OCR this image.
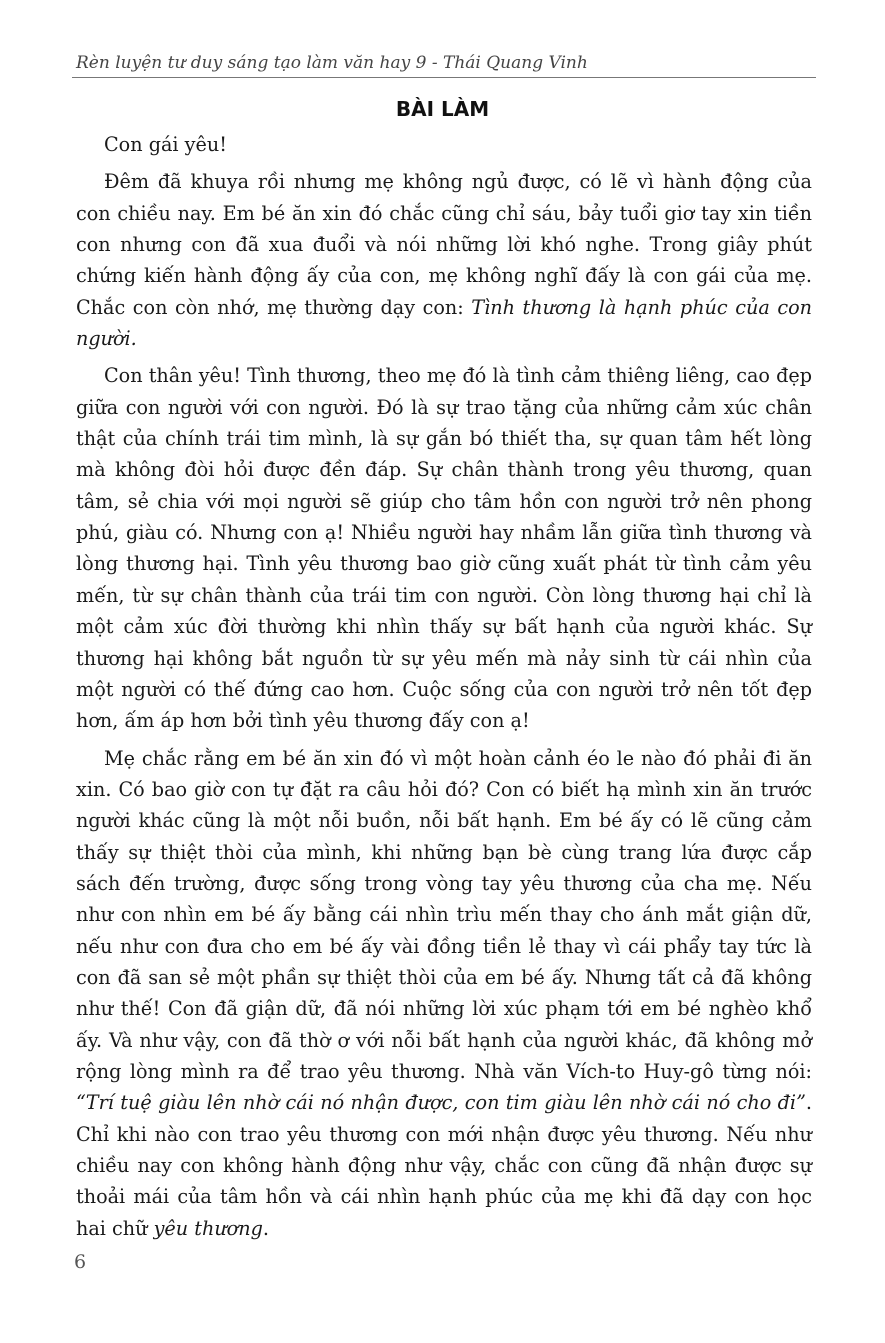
Rèn luyện tư duy sáng tạo làm văn hay 9 - Thái Quang Vinh
BÀI LÀM

Con gái yêu!

Đêm đã khuya rồi nhưng mẹ không ngủ được, có lẽ vì hành động của con chiều nay. Em bé ăn xin đó chắc cũng chỉ sáu, bảy tuổi giơ tay xin tiền con nhưng con đã xua đuổi và nói những lời khó nghe. Trong giây phút chứng kiến hành động ấy của con, mẹ không nghĩ đấy là con gái của mẹ. Chắc con còn nhớ, mẹ thường dạy con: Tình thương là hạnh phúc của con người.

Con thân yêu! Tình thương, theo mẹ đó là tình cảm thiêng liêng, cao đẹp giữa con người với con người. Đó là sự trao tặng của những cảm xúc chân thật của chính trái tim mình, là sự gắn bó thiết tha, sự quan tâm hết lòng mà không đòi hỏi được đền đáp. Sự chân thành trong yêu thương, quan tâm, sẻ chia với mọi người sẽ giúp cho tâm hồn con người trở nên phong phú, giàu có. Nhưng con ạ! Nhiều người hay nhầm lẫn giữa tình thương và lòng thương hại. Tình yêu thương bao giờ cũng xuất phát từ tình cảm yêu mến, từ sự chân thành của trái tim con người. Còn lòng thương hại chỉ là một cảm xúc đời thường khi nhìn thấy sự bất hạnh của người khác. Sự thương hại không bắt nguồn từ sự yêu mến mà nảy sinh từ cái nhìn của một người có thế đứng cao hơn. Cuộc sống của con người trở nên tốt đẹp hơn, ấm áp hơn bởi tình yêu thương đấy con ạ!

Mẹ chắc rằng em bé ăn xin đó vì một hoàn cảnh éo le nào đó phải đi ăn xin. Có bao giờ con tự đặt ra câu hỏi đó? Con có biết hạ mình xin ăn trước người khác cũng là một nỗi buồn, nỗi bất hạnh. Em bé ấy có lẽ cũng cảm thấy sự thiệt thòi của mình, khi những bạn bè cùng trang lứa được cắp sách đến trường, được sống trong vòng tay yêu thương của cha mẹ. Nếu như con nhìn em bé ấy bằng cái nhìn trìu mến thay cho ánh mắt giận dữ, nếu như con đưa cho em bé ấy vài đồng tiền lẻ thay vì cái phẩy tay tức là con đã san sẻ một phần sự thiệt thòi của em bé ấy. Nhưng tất cả đã không như thế! Con đã giận dữ, đã nói những lời xúc phạm tới em bé nghèo khổ ấy. Và như vậy, con đã thờ ơ với nỗi bất hạnh của người khác, đã không mở rộng lòng mình ra để trao yêu thương. Nhà văn Vích-to Huy-gô từng nói: “Trí tuệ giàu lên nhờ cái nó nhận được, con tim giàu lên nhờ cái nó cho đi”. Chỉ khi nào con trao yêu thương con mới nhận được yêu thương. Nếu như chiều nay con không hành động như vậy, chắc con cũng đã nhận được sự thoải mái của tâm hồn và cái nhìn hạnh phúc của mẹ khi đã dạy con học hai chữ yêu thương.

6
